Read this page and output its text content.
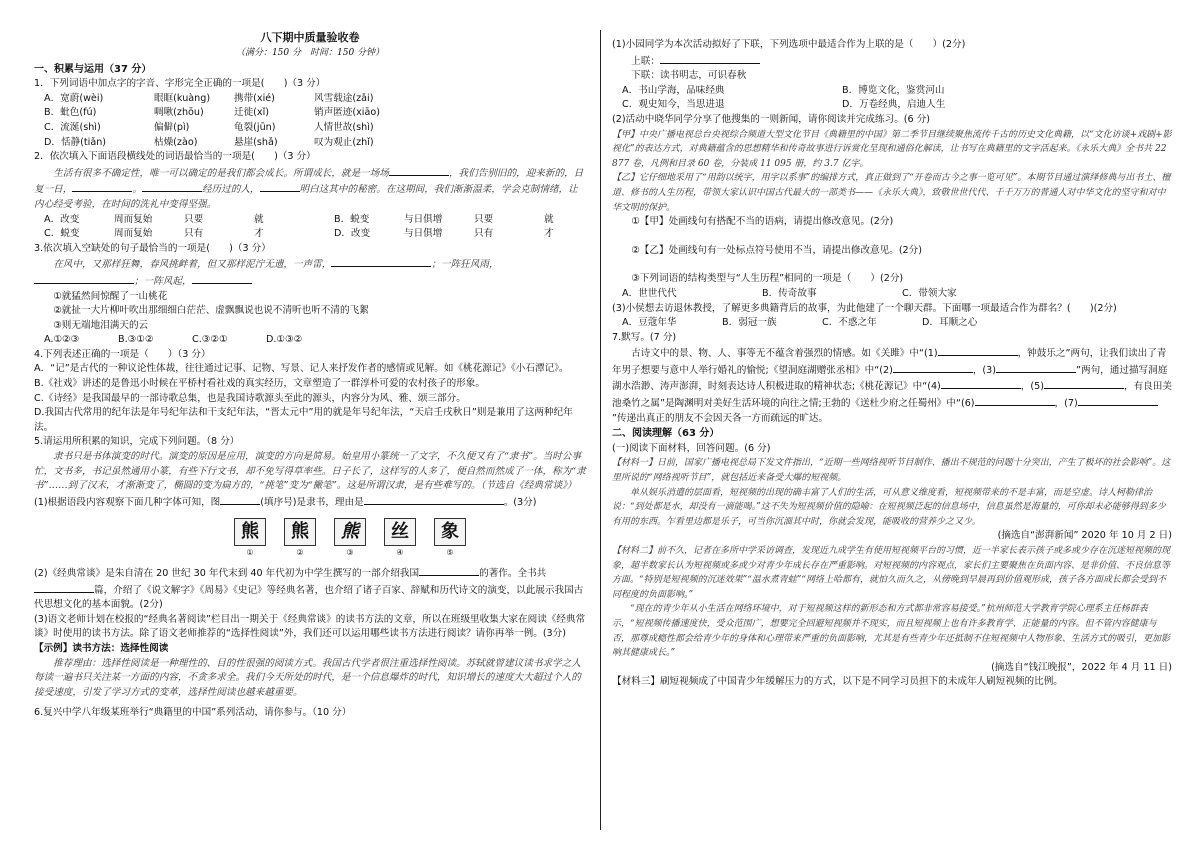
八下期中质量验收卷

（满分：150 分　时间：150 分钟）

一、积累与运用（37 分）

1．下列词语中加点字的字音、字形完全正确的一项是(　　)（3 分）

A．宽蔚(wèi)	眼眶(kuàng)	携带(xié)	风雪载途(zǎi)
B．蚍色(fú)	啁啾(zhōu)	迁徙(xǐ)	销声匿迹(xiāo)
C．流涎(shì)	偏僻(pì)	龟裂(jūn)	人情世故(shì)
D．恬静(tiǎn)	枯燥(zào)	悬崖(shǎ)	叹为观止(zhǐ)

2．依次填入下面语段横线处的词语最恰当的一项是(　　)（3 分）

生活有很多不确定性，唯一可以确定的是我们都会成长。所谓成长，就是一场场	，我们告别旧的，迎来新的，日复一日，	。	经历过的人，	明白这其中的秘密。在这期间，我们渐渐温柔，学会克制情绪，让内心经受考验，在时间的洗礼中变得坚强。

A．改变	周而复始	只要	就	B．蜕变	与日俱增	只要	就
C．蜕变	周而复始	只有	才	D．改变	与日俱增	只有	才

3.依次填入空缺处的句子最恰当的一项是(　　)（3 分）

在风中，又那样狂舞，春风挑衅着，但又那样泥泞无遗，一声雷，	；一阵狂风雨，；一阵风起，

①就猛然间惊醒了一山桃花

②就扯一大片柳叶吹出那细细白茫茫、虚飘飘说也说不清听也听不清的飞絮

③则无端地泪满天的云

A.①②③	B.③①②	C.③②①	D.①③②

4.下列表述正确的一项是（　　）（3 分）

A．“记”是古代的一种议论性体裁，往往通过记事、记物、写景、记人来抒发作者的感情或见解。如《桃花源记》《小石潭记》。

B.《社戏》讲述的是鲁迅小时候在平桥村看社戏的真实经历，文章塑造了一群淳朴可爱的农村孩子的形象。

C.《诗经》是我国最早的一部诗歌总集，也是我国诗歌源头至此的源头，内容分为风、雅、颂三部分。

D.我国古代常用的纪年法是年号纪年法和干支纪年法，“晋太元中”用的就是年号纪年法，“天启壬戌秋日”则是兼用了这两种纪年法。

5.请运用所积累的知识，完成下列问题。（8 分）

　　隶书只是书体演变的时代。演变的原因是应用，演变的方向是简易。始皇用小篆统一了文字，不久便又有了“隶书”。当时公事忙，文书多，书记虽然通用小篆，有些下行文书，却不免写得草率些。日子长了，这样写的人多了，便自然而然成了一体，称为“隶书”……到了汉末，才渐渐变了，椭圆的变为扁方的，“挑笔”变为“撇笔”。这是所谓汉隶，是有些难写的。（节选自《经典常谈》）

(1)根据语段内容观察下面几种字体可知，图	(填序号)是隶书，理由是	。(3分)

熊	熊	熊	丝	象
①	②	③	④	⑤

(2)《经典常谈》是朱自清在 20 世纪 30 年代末到 40 年代初为中学生撰写的一部介绍我国	的著作。全书共篇，介绍了《说文解字》《周易》《史记》等经典名著，也介绍了诸子百家、辞赋和历代诗文的演变，以此展示我国古代思想文化的基本面貌。(2分)

(3)语文老师计划在校报的“经典名著阅读”栏目出一期关于《经典常谈》的读书方法的文章，所以在班级里收集大家在阅读《经典常谈》时使用的读书方法。除了语文老师推荐的“选择性阅读”外，我们还可以运用哪些读书方法进行阅读？请你再举一例。(3分)

【示例】读书方法：选择性阅读

　　推荐理由：选择性阅读是一种理性的、目的性很强的阅读方式。我国古代学者很注重选择性阅读。苏轼就曾建议读书求学之人每读一遍书只关注某一方面的内容，不贪多求全。我们今天所处的时代，是一个信息爆炸的时代，知识增长的速度大大超过个人的接受速度，引发了学习方式的变革，选择性阅读也越来越重要。

6.复兴中学八年级某班举行“典籍里的中国”系列活动，请你参与。（10 分）

(1)小园同学为本次活动拟好了下联，下列选项中最适合作为上联的是（　　）(2分)

上联：

下联：读书明志，可识春秋

A．书山学海，品味经典	B．博览文化，鉴赏河山
C．观史知今，当思进退	D．万卷经典，启迪人生

(2)活动中晓华同学分享了他搜集的一则新闻，请你阅读并完成练习。(6 分)

【甲】中央广播电视总台央视综合频道大型文化节目《典籍里的中国》第二季节目继续聚焦流传千古的历史文化典籍，以“文化访谈+戏剧+影视化”的表达方式，对典籍蕴含的思想精华和传奇故事进行诉赏化呈现和通俗化解读，让书写在典籍里的文字活起来。《永乐大典》全书共 22 877 卷，凡例和目录 60 卷，分装成 11 095 册，约 3.7 亿字。

【乙】它仔细地采用了“用韵以统字，用字以系事”的编排方式，真正做到了“开卷而古今之事一览可见”。本期节目通过演绎修典与出书土、檀道、修书的人生历程，带领大家认识中国古代最大的一部类书——《永乐大典》，致敬世世代代、千千万万的普通人对中华文化的坚守和对中华文明的保护。

①【甲】处画线句有搭配不当的语病，请提出修改意见。(2分)

②【乙】处画线句有一处标点符号使用不当，请提出修改意见。(2分)

③下列词语的结构类型与“人生历程”相同的一项是（　　）(2分)

A．世世代代	B．传奇故事	C．带领大家

(3)小侯想去访退休教授，了解更多典籍背后的故事，为此他建了一个聊天群。下面哪一项最适合作为群名？(　　)(2分)

A．豆蔻年华	B．弱冠一族	C．不惑之年	D．耳顺之心

7.默写。(7 分)

　　古诗文中的景、物、人、事等无不蕴含着强烈的情感。如《关雎》中“(1)	，钟鼓乐之”两句，让我们读出了青年男子想要与意中人举行婚礼的愉悦;《望洞庭湖赠张丞相》中“(2)	，(3)	”两句，通过描写洞庭湖水浩渺、涛声澎湃，时刻表达诗人积极进取的精神状态;《桃花源记》中“(4)	，(5)	，有良田美池桑竹之属”是陶渊明对美好生活环境的向往之情;王勃的《送杜少府之任蜀州》中“(6)	，(7)”传递出真正的朋友不会因天各一方而疏远的旷达。

二、阅读理解（63 分）

(一)阅读下面材料，回答问题。(6 分)

【材料一】日前，国家广播电视总局下发文件指出，“近期一些网络视听节目制作、播出不规范的问题十分突出，产生了极坏的社会影响”。这里所说的“网络视听节目”，就包括近来备受大爆的短视频。

　　单从娱乐消遣的层面看，短视频的出现的确丰富了人们的生活，可从意义维度看，短视频带来的不是丰富，而是空虚。诗人柯勒律治说：“到处都是水，却没有一滴能喝。”这不失为短视频价值的隐喻：在短视频泛起的信息场中，信息虽然是海量的，可你却未必能够得到多少有用的东西。乍看里边都是乐子，可当你沉湎其中时，你就会发现，能吸收的营养少之又少。

(摘选自“澎湃新闻” 2020 年 10 月 2 日)

【材料二】前不久，记者在多所中学采访调查，发现近九成学生有使用短视频平台的习惯，近一半家长表示孩子或多或少存在沉迷短视频的现象，超半数家长认为短视频或多或少对青少年成长存在严重影响。对短视频的内容观点，家长们主要聚焦在负面内容、是非价值、不良信息等方面。“特别是短视频的沉迷效果”“温水煮青蛙”“网络上哈都有，就怕久而久之，从傍晚到早晨再到价值观形成，孩子各方面成长都会受到不同程度的负面影响。”

　　“现在的青少年从小生活在网络环境中，对于短视频这样的新形态和方式都非常容易接受。”杭州师范大学教育学院心理系主任杨群表示，“短视频传播速度快，受众范围广，想要完全回避短视频并不现实，而且短视频上也有许多教育学、正能量的内容。但不管内容健康与否，那尊成瘾性都会给青少年的身体和心理带来严重的负面影响，尤其是有些青少年还抵制不住短视频中人物形象、生活方式的吸引，更加影响其健康成长。”

(摘选自“钱江晚报”，2022 年 4 月 11 日)

【材料三】刷短视频成了中国青少年缓解压力的方式，以下是不同学习员担下的未成年人刷短视频的比例。
